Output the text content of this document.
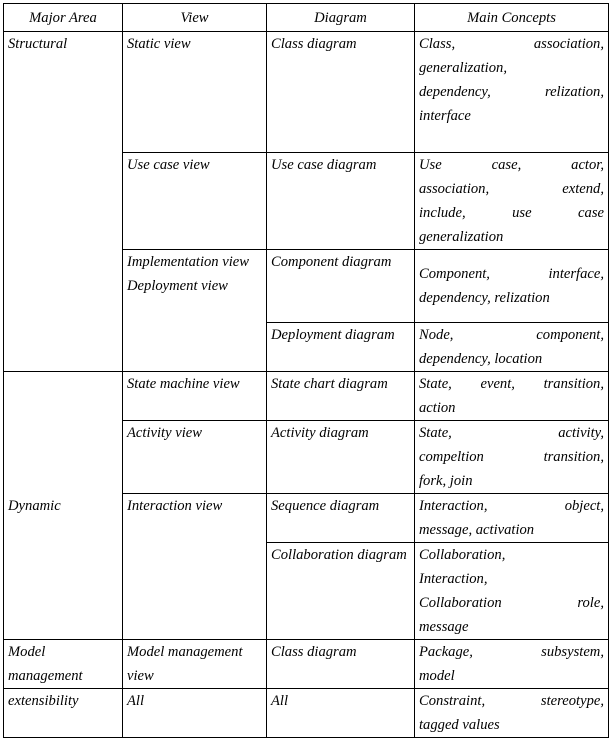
Major Area	View	Diagram	Main Concepts
Structural	Static view	Class diagram	Class, association,
generalization,
dependency, relization,
interface

	Use case view	Use case diagram	Use case, actor,
association, extend,
include, use case
generalization

	Implementation view Deployment view	Component diagram	Component, interface,
dependency, relization

		Deployment diagram	Node, component,
dependency, location

Dynamic	State machine view	State chart diagram	State, event, transition,
action

	Activity view	Activity diagram	State, activity,
compeltion transition,
fork, join

	Interaction view	Sequence diagram	Interaction, object,
message, activation

		Collaboration diagram	Collaboration,
Interaction,
Collaboration role,
message

Model management	Model management view	Class diagram	Package, subsystem,
model

extensibility	All	All	Constraint, stereotype,
tagged values
